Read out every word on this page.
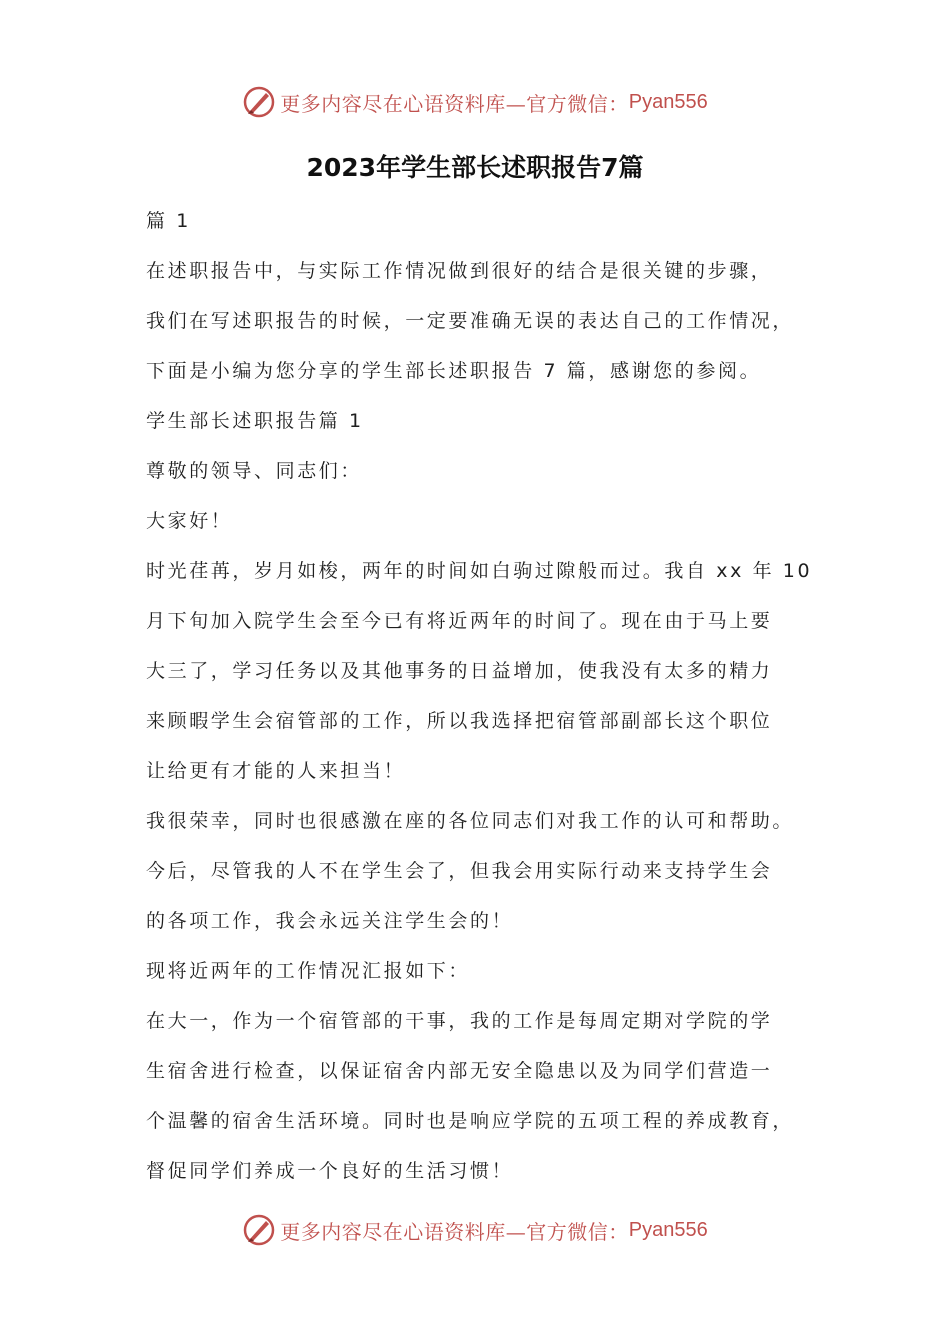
更多内容尽在心语资料库—官方微信： Pyan556
2023年学生部长述职报告7篇
篇 1
在述职报告中，与实际工作情况做到很好的结合是很关键的步骤，
我们在写述职报告的时候，一定要准确无误的表达自己的工作情况，
下面是小编为您分享的学生部长述职报告 7 篇，感谢您的参阅。
学生部长述职报告篇 1
尊敬的领导、同志们：
大家好！
时光荏苒，岁月如梭，两年的时间如白驹过隙般而过。我自 xx 年 10
月下旬加入院学生会至今已有将近两年的时间了。现在由于马上要
大三了，学习任务以及其他事务的日益增加，使我没有太多的精力
来顾暇学生会宿管部的工作，所以我选择把宿管部副部长这个职位
让给更有才能的人来担当！
我很荣幸，同时也很感激在座的各位同志们对我工作的认可和帮助。
今后，尽管我的人不在学生会了，但我会用实际行动来支持学生会
的各项工作，我会永远关注学生会的！
现将近两年的工作情况汇报如下：
在大一，作为一个宿管部的干事，我的工作是每周定期对学院的学
生宿舍进行检查，以保证宿舍内部无安全隐患以及为同学们营造一
个温馨的宿舍生活环境。同时也是响应学院的五项工程的养成教育，
督促同学们养成一个良好的生活习惯！
更多内容尽在心语资料库—官方微信： Pyan556
